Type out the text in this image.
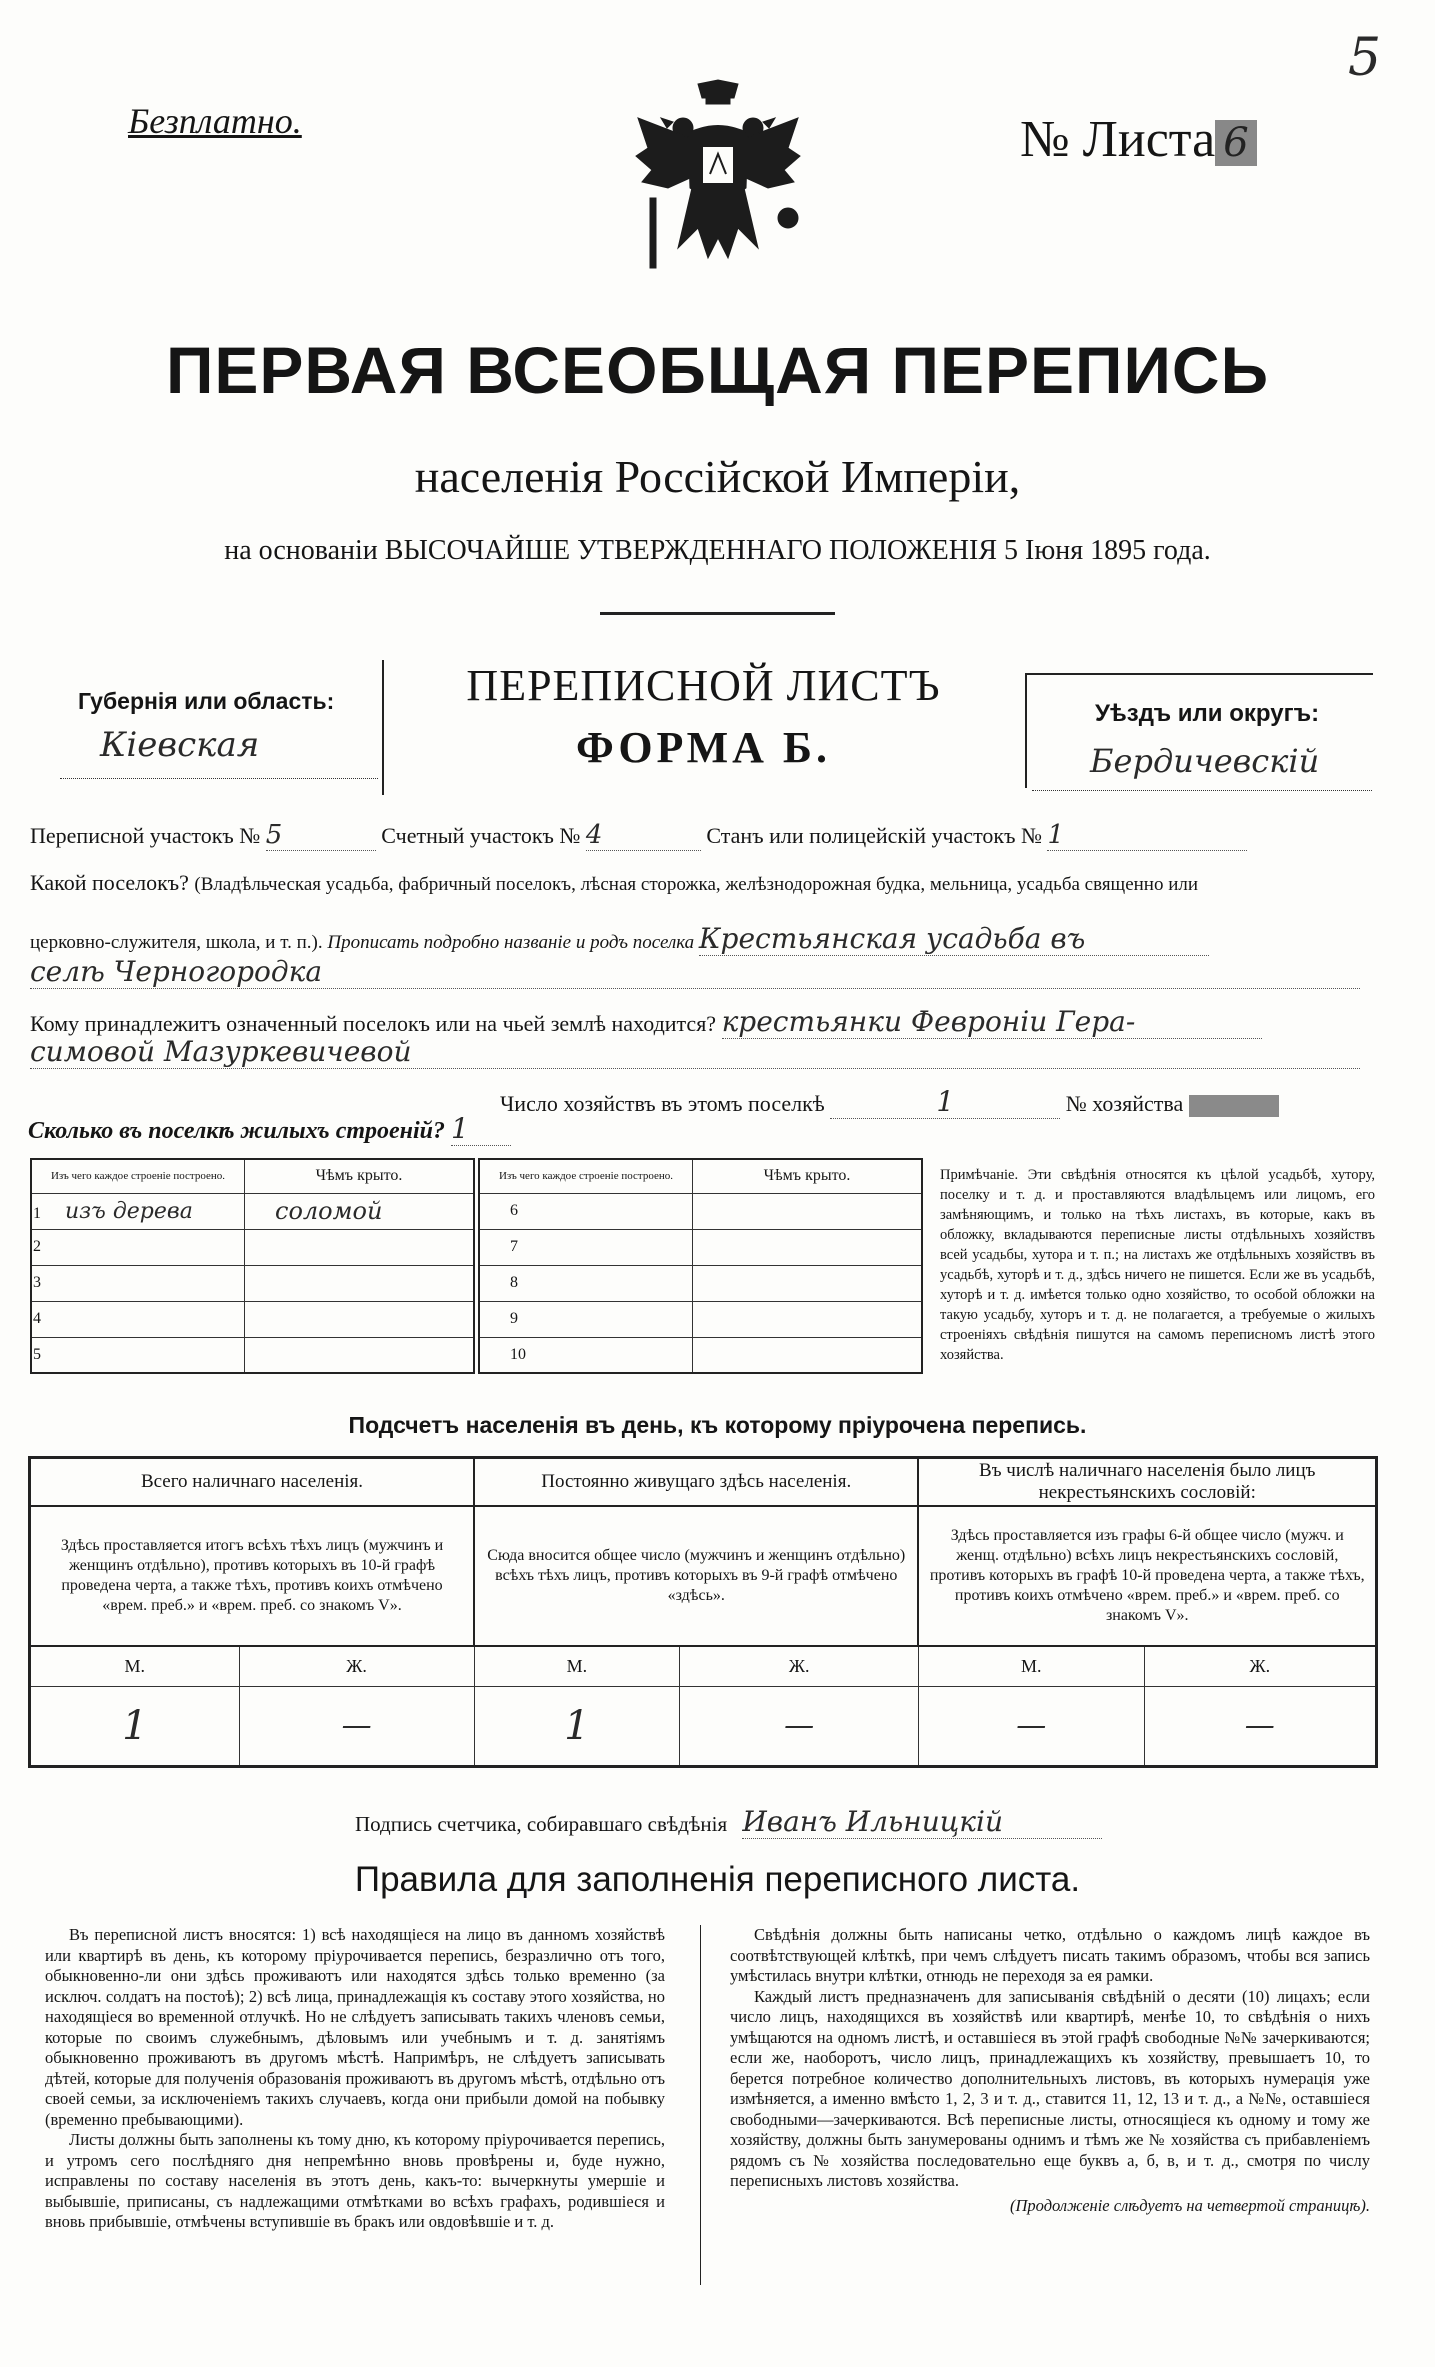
5
Безплатно.	№ Листа 6
ПЕРВАЯ ВСЕОБЩАЯ ПЕРЕПИСЬ
населенія Россійской Имперіи,
на основаніи ВЫСОЧАЙШЕ УТВЕРЖДЕННАГО ПОЛОЖЕНІЯ 5 Іюня 1895 года.
Губернія или область:
Кіевская
ПЕРЕПИСНОЙ ЛИСТЪ
ФОРМА Б.
Уѣздъ или округъ:
Бердичевскій
Переписной участокъ № 5	Счетный участокъ № 4	Станъ или полицейскій участокъ № 1
Какой поселокъ? (Владѣльческая усадьба, фабричный поселокъ, лѣсная сторожка, желѣзнодорожная будка, мельница, усадьба священно или
церковно-служителя, школа, и т. п.). Прописать подробно названіе и родъ поселка Крестьянская усадьба въ
селѣ Черногородка
Кому принадлежитъ означенный поселокъ или на чьей землѣ находится? крестьянки Февроніи Гера-
симовой Мазуркевичевой
Число хозяйствъ въ этомъ поселкѣ	1	№ хозяйства
Сколько въ поселкѣ жилыхъ строеній? 1
Изъ чего каждое строеніе построено.	Чѣмъ крыто.
1 изъ дерева	соломой
2	
3	
4	
5	
Изъ чего каждое строеніе построено.	Чѣмъ крыто.
6	
7	
8	
9	
10	
Примѣчаніе. Эти свѣдѣнія относятся къ цѣлой усадьбѣ, хутору, поселку и т. д. и проставляются владѣльцемъ или лицомъ, его замѣняющимъ, и только на тѣхъ листахъ, въ которые, какъ въ обложку, вкладываются переписные листы отдѣльныхъ хозяйствъ всей усадьбы, хутора и т. п.; на листахъ же отдѣльныхъ хозяйствъ въ усадьбѣ, хуторѣ и т. д., здѣсь ничего не пишется. Если же въ усадьбѣ, хуторѣ и т. д. имѣется только одно хозяйство, то особой обложки на такую усадьбу, хуторъ и т. д. не полагается, а требуемые о жилыхъ строеніяхъ свѣдѣнія пишутся на самомъ переписномъ листѣ этого хозяйства.
Подсчетъ населенія въ день, къ которому пріурочена перепись.
Всего наличнаго населенія.		Постоянно живущаго здѣсь населенія.		Въ числѣ наличнаго населенія было лицъ некрестьянскихъ сословій:	
Здѣсь проставляется итогъ всѣхъ тѣхъ лицъ (мужчинъ и женщинъ отдѣльно), противъ которыхъ въ 10-й графѣ проведена черта, а также тѣхъ, противъ коихъ отмѣчено «врем. преб.» и «врем. преб. со знакомъ V».		Сюда вносится общее число (мужчинъ и женщинъ отдѣльно) всѣхъ тѣхъ лицъ, противъ которыхъ въ 9-й графѣ отмѣчено «здѣсь».		Здѣсь проставляется изъ графы 6-й общее число (мужч. и женщ. отдѣльно) всѣхъ лицъ некрестьянскихъ сословій, противъ которыхъ въ графѣ 10-й проведена черта, а также тѣхъ, противъ коихъ отмѣчено «врем. преб.» и «врем. преб. со знакомъ V».	
М.	Ж.	М.	Ж.	М.	Ж.
1	—	1	—	—	—
Подпись счетчика, собиравшаго свѣдѣнія Иванъ Ильницкій
Правила для заполненія переписного листа.

Въ переписной листъ вносятся: 1) всѣ находящіеся на лицо въ данномъ хозяйствѣ или квартирѣ въ день, къ которому пріурочивается перепись, безразлично отъ того, обыкновенно-ли они здѣсь проживаютъ или находятся здѣсь только временно (за исключ. солдатъ на постоѣ); 2) всѣ лица, принадлежащія къ составу этого хозяйства, но находящіеся во временной отлучкѣ. Но не слѣдуетъ записывать такихъ членовъ семьи, которые по своимъ служебнымъ, дѣловымъ или учебнымъ и т. д. занятіямъ обыкновенно проживаютъ въ другомъ мѣстѣ. Напримѣръ, не слѣдуетъ записывать дѣтей, которые для полученія образованія проживаютъ въ другомъ мѣстѣ, отдѣльно отъ своей семьи, за исключеніемъ такихъ случаевъ, когда они прибыли домой на побывку (временно пребывающими).

Листы должны быть заполнены къ тому дню, къ которому пріурочивается перепись, и утромъ сего послѣдняго дня непремѣнно вновь провѣрены и, буде нужно, исправлены по составу населенія въ этотъ день, какъ-то: вычеркнуты умершіе и выбывшіе, приписаны, съ надлежащими отмѣтками во всѣхъ графахъ, родившіеся и вновь прибывшіе, отмѣчены вступившіе въ бракъ или овдовѣвшіе и т. д.

Свѣдѣнія должны быть написаны четко, отдѣльно о каждомъ лицѣ каждое въ соотвѣтствующей клѣткѣ, при чемъ слѣдуетъ писать такимъ образомъ, чтобы вся запись умѣстилась внутри клѣтки, отнюдь не переходя за ея рамки.

Каждый листъ предназначенъ для записыванія свѣдѣній о десяти (10) лицахъ; если число лицъ, находящихся въ хозяйствѣ или квартирѣ, менѣе 10, то свѣдѣнія о нихъ умѣщаются на одномъ листѣ, и оставшіеся въ этой графѣ свободные №№ зачеркиваются; если же, наоборотъ, число лицъ, принадлежащихъ къ хозяйству, превышаетъ 10, то берется потребное количество дополнительныхъ листовъ, въ которыхъ нумерація уже измѣняется, а именно вмѣсто 1, 2, 3 и т. д., ставится 11, 12, 13 и т. д., а №№, оставшіеся свободными—зачеркиваются. Всѣ переписные листы, относящіеся къ одному и тому же хозяйству, должны быть занумерованы однимъ и тѣмъ же № хозяйства съ прибавленіемъ рядомъ съ № хозяйства последовательно еще буквъ а, б, в, и т. д., смотря по числу переписныхъ листовъ хозяйства.

(Продолженіе слѣдуетъ на четвертой страницѣ).
